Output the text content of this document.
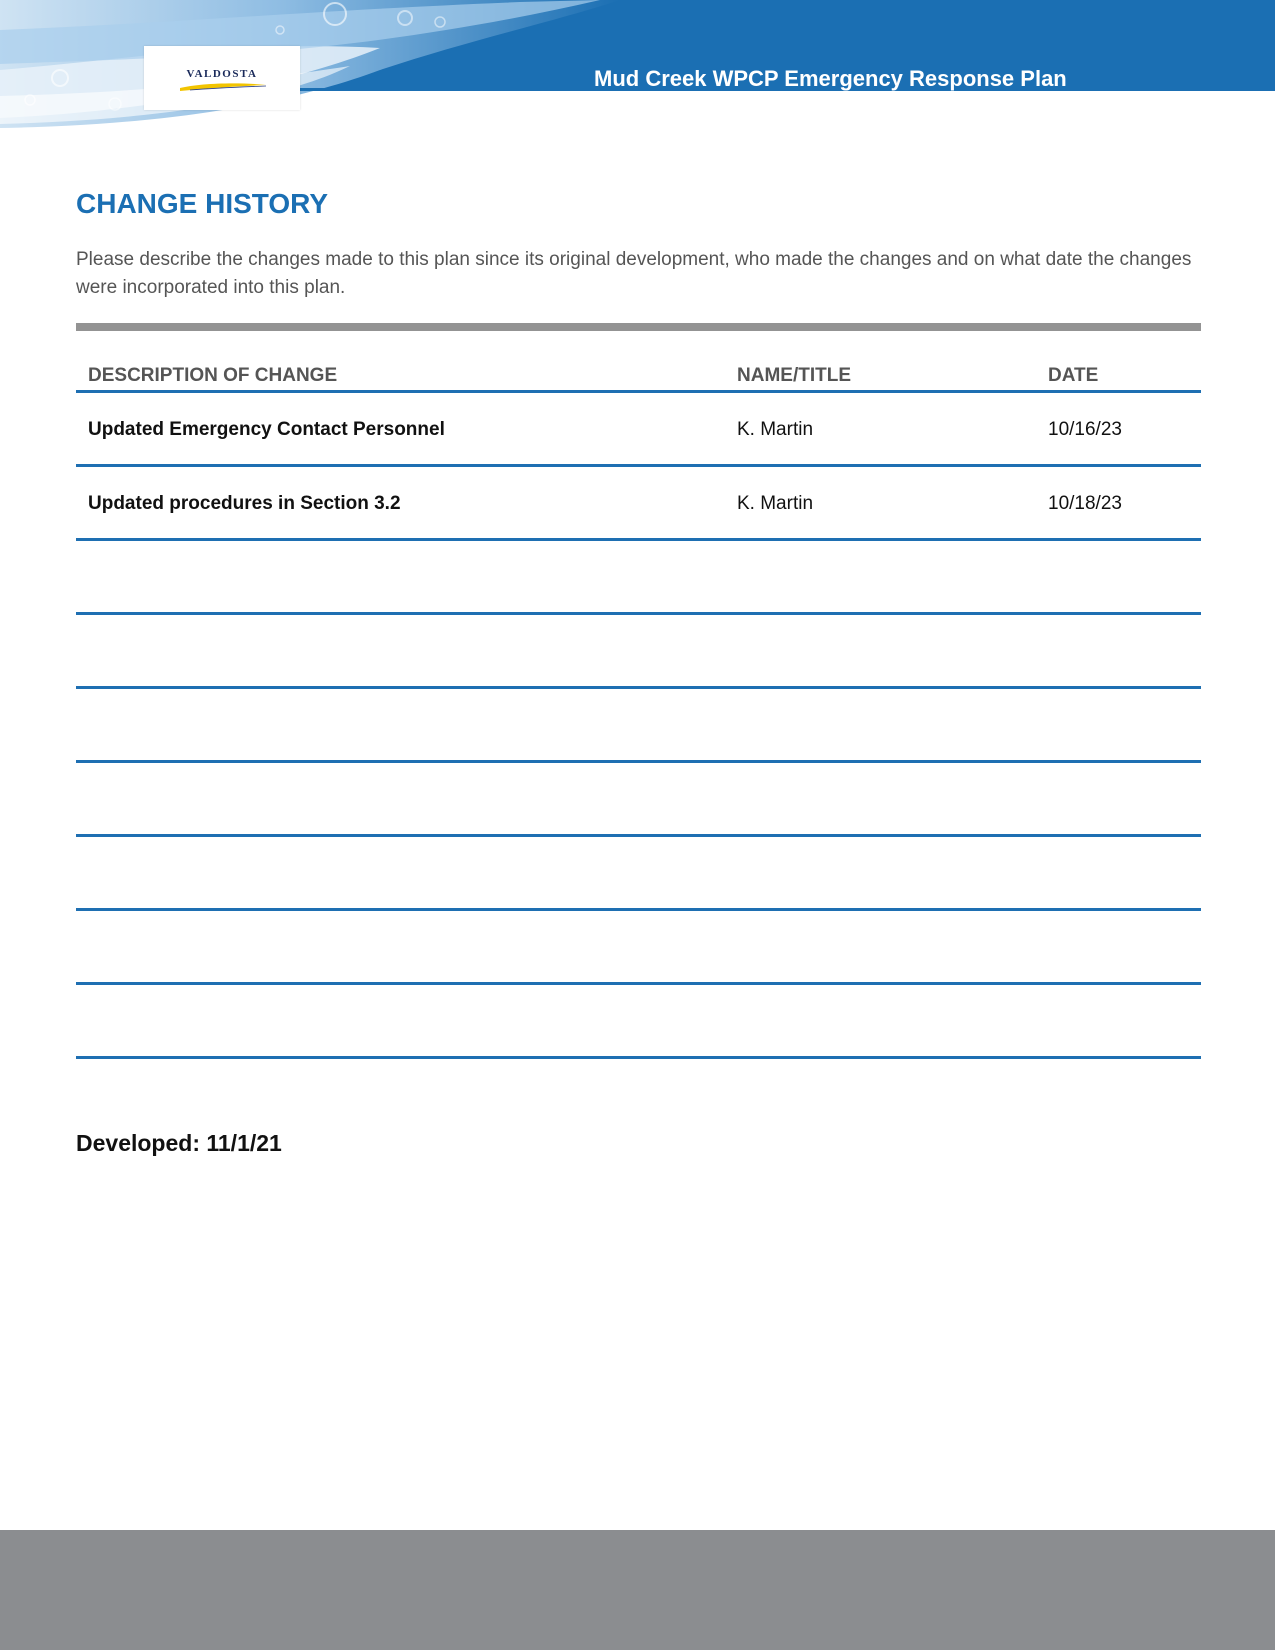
VALDOSTA	Mud Creek WPCP Emergency Response Plan
CHANGE HISTORY

Please describe the changes made to this plan since its original development, who made the changes and on what date the changes were incorporated into this plan.

DESCRIPTION OF CHANGE	NAME/TITLE	DATE
Updated Emergency Contact Personnel	K. Martin	10/16/23
Updated procedures in Section 3.2	K. Martin	10/18/23
Developed: 11/1/21
